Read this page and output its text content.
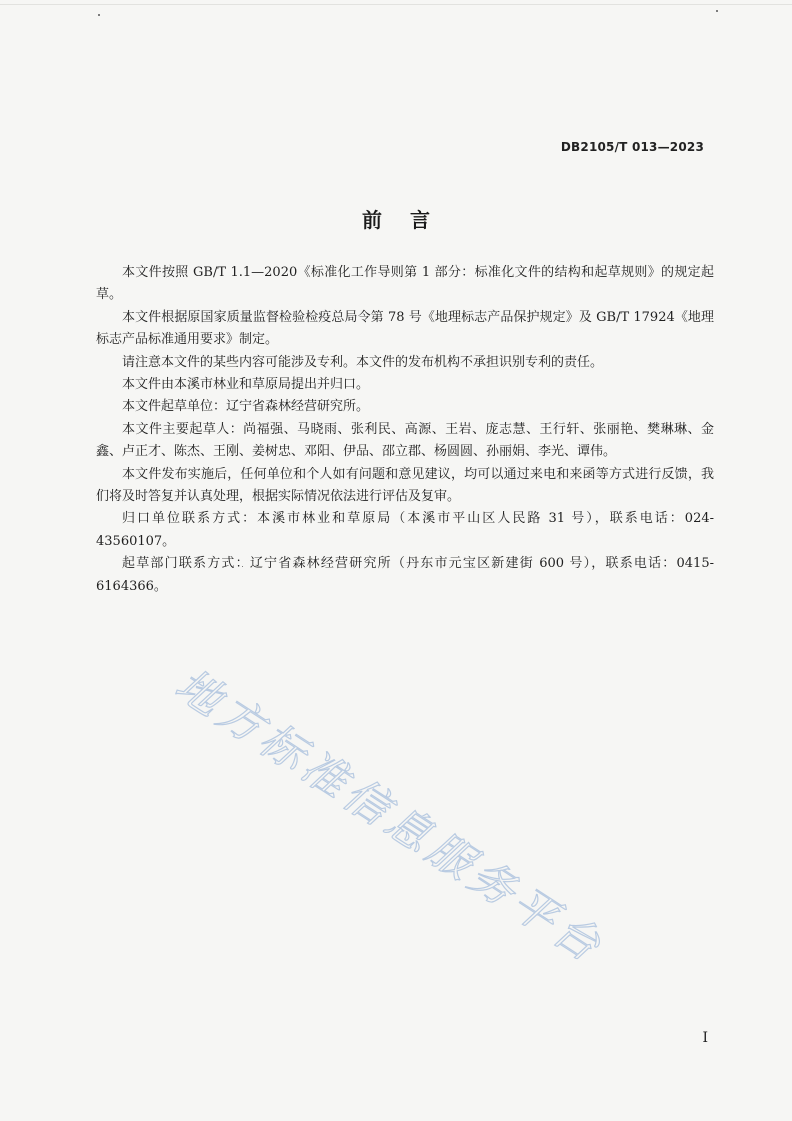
DB2105/T 013—2023
前言

本文件按照 GB/T 1.1—2020《标准化工作导则第 1 部分：标准化文件的结构和起草规则》的规定起草。

本文件根据原国家质量监督检验检疫总局令第 78 号《地理标志产品保护规定》及 GB/T 17924《地理标志产品标准通用要求》制定。

请注意本文件的某些内容可能涉及专利。本文件的发布机构不承担识别专利的责任。

本文件由本溪市林业和草原局提出并归口。

本文件起草单位：辽宁省森林经营研究所。

本文件主要起草人：尚福强、马晓雨、张利民、高源、王岩、庞志慧、王行轩、张丽艳、樊琳琳、金鑫、卢正才、陈杰、王刚、姜树忠、邓阳、伊品、邵立郡、杨圆圆、孙丽娟、李光、谭伟。

本文件发布实施后，任何单位和个人如有问题和意见建议，均可以通过来电和来函等方式进行反馈，我们将及时答复并认真处理，根据实际情况依法进行评估及复审。

归口单位联系方式：本溪市林业和草原局（本溪市平山区人民路 31 号），联系电话：024-43560107。

起草部门联系方式：辽宁省森林经营研究所（丹东市元宝区新建街 600 号），联系电话：0415-6164366。

地方标准信息服务平台
I
